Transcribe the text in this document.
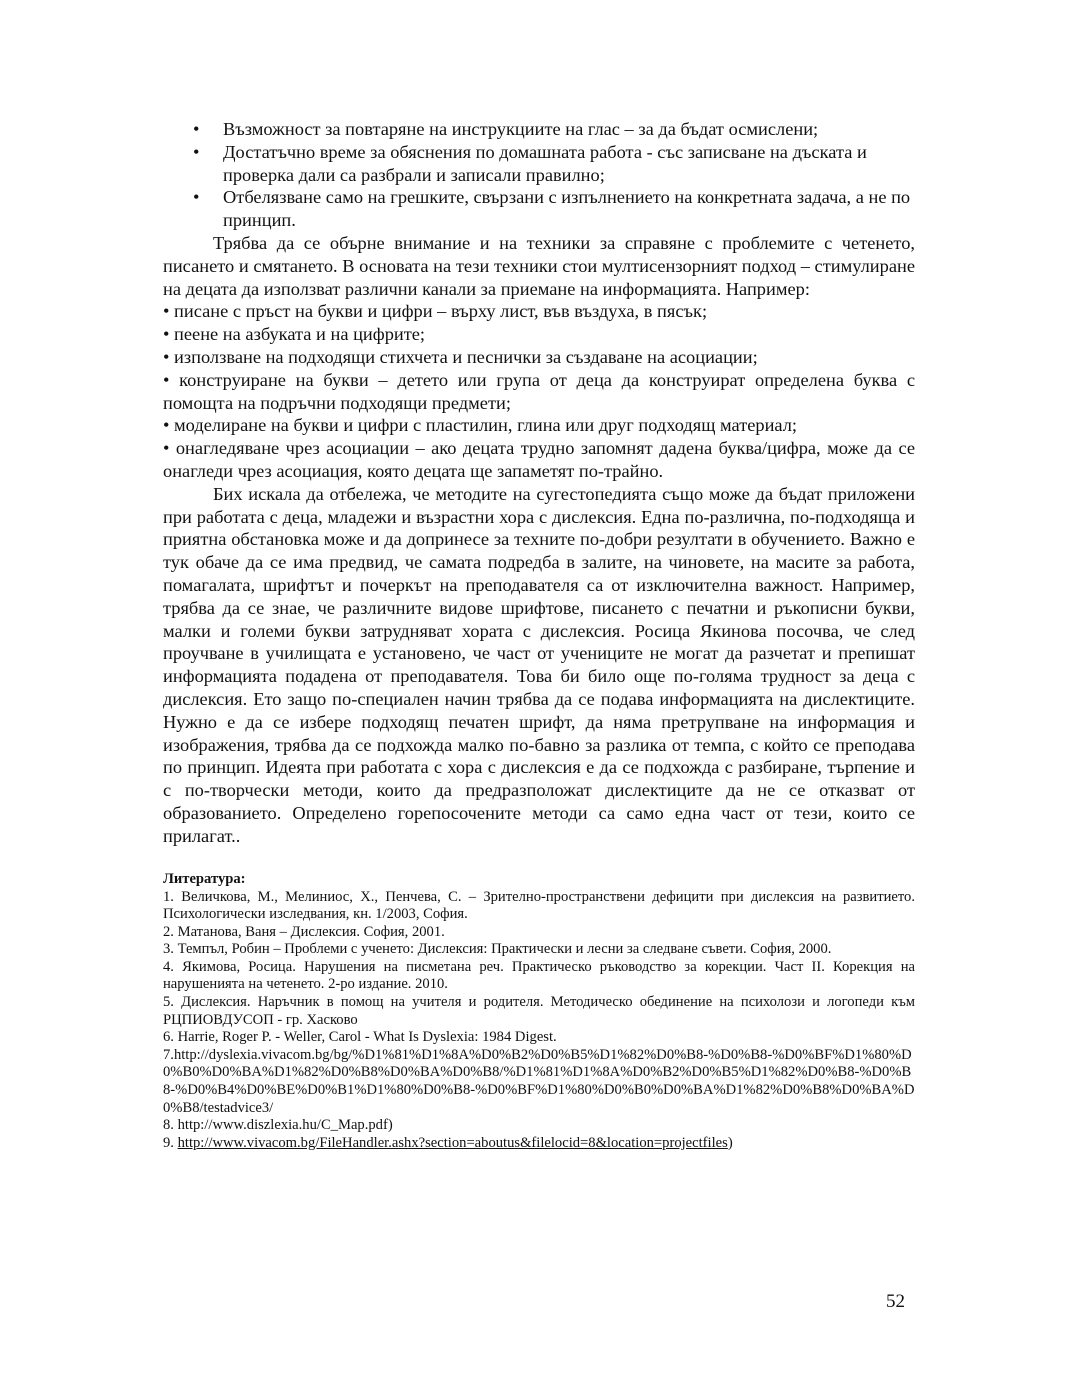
• Възможност за повтаряне на инструкциите на глас – за да бъдат осмислени;
• Достатъчно време за обяснения по домашната работа - със записване на дъската и проверка дали са разбрали и записали правилно;
• Отбелязване само на грешките, свързани с изпълнението на конкретната задача, а не по принцип.

Трябва да се обърне внимание и на техники за справяне с проблемите с четенето, писането и смятането. В основата на тези техники стои мултисензорният подход – стимулиране на децата да използват различни канали за приемане на информацията. Например:

• писане с пръст на букви и цифри – върху лист, във въздуха, в пясък;

• пеене на азбуката и на цифрите;

• използване на подходящи стихчета и песнички за създаване на асоциации;

• конструиране на букви – детето или група от деца да конструират определена буква с помощта на подръчни подходящи предмети;

• моделиране на букви и цифри с пластилин, глина или друг подходящ материал;

• онагледяване чрез асоциации – ако децата трудно запомнят дадена буква/цифра, може да се онагледи чрез асоциация, която децата ще запаметят по-трайно.

Бих искала да отбележа, че методите на сугестопедията също може да бъдат приложени при работата с деца, младежи и възрастни хора с дислексия. Една по-различна, по-подходяща и приятна обстановка може и да допринесе за техните по-добри резултати в обучението. Важно е тук обаче да се има предвид, че самата подредба в залите, на чиновете, на масите за работа, помагалата, шрифтът и почеркът на преподавателя са от изключителна важност. Например, трябва да се знае, че различните видове шрифтове, писането с печатни и ръкописни букви, малки и големи букви затрудняват хората с дислексия. Росица Якинова посочва, че след проучване в училищата е установено, че част от учениците не могат да разчетат и препишат информацията подадена от преподавателя. Това би било още по-голяма трудност за деца с дислексия. Ето защо по-специален начин трябва да се подава информацията на дислектиците. Нужно е да се избере подходящ печатен шрифт, да няма претрупване на информация и изображения, трябва да се подхожда малко по-бавно за разлика от темпа, с който се преподава по принцип. Идеята при работата с хора с дислексия е да се подхожда с разбиране, търпение и с по-творчески методи, които да предразположат дислектиците да не се отказват от образованието. Определено горепосочените методи са само една част от тези, които се прилагат..

Литература:

1. Величкова, М., Мелиниос, Х., Пенчева, С. – Зрително-пространствени дефицити при дислексия на развитието. Психологически изследвания, кн. 1/2003, София.

2. Матанова, Ваня – Дислексия. София, 2001.

3. Темпъл, Робин – Проблеми с ученето: Дислексия: Практически и лесни за следване съвети. София, 2000.

4. Якимова, Росица. Нарушения на писметана реч. Практическо ръководство за корекции. Част II. Корекция на нарушенията на четенето. 2-ро издание. 2010.

5. Дислексия. Наръчник в помощ на учителя и родителя. Методическо обединение на психолози и логопеди към РЦПИОВДУСОП - гр. Хасково

6. Harrie, Roger P. - Weller, Carol - What Is Dyslexia: 1984 Digest.

7.http://dyslexia.vivacom.bg/bg/%D1%81%D1%8A%D0%B2%D0%B5%D1%82%D0%B8-%D0%B8-%D0%BF%D1%80%D0%B0%D0%BA%D1%82%D0%B8%D0%BA%D0%B8/%D1%81%D1%8A%D0%B2%D0%B5%D1%82%D0%B8-%D0%B8-%D0%B4%D0%BE%D0%B1%D1%80%D0%B8-%D0%BF%D1%80%D0%B0%D0%BA%D1%82%D0%B8%D0%BA%D0%B8/testadvice3/

8. http://www.diszlexia.hu/C_Map.pdf)

9. http://www.vivacom.bg/FileHandler.ashx?section=aboutus&filelocid=8&location=projectfiles)

52
